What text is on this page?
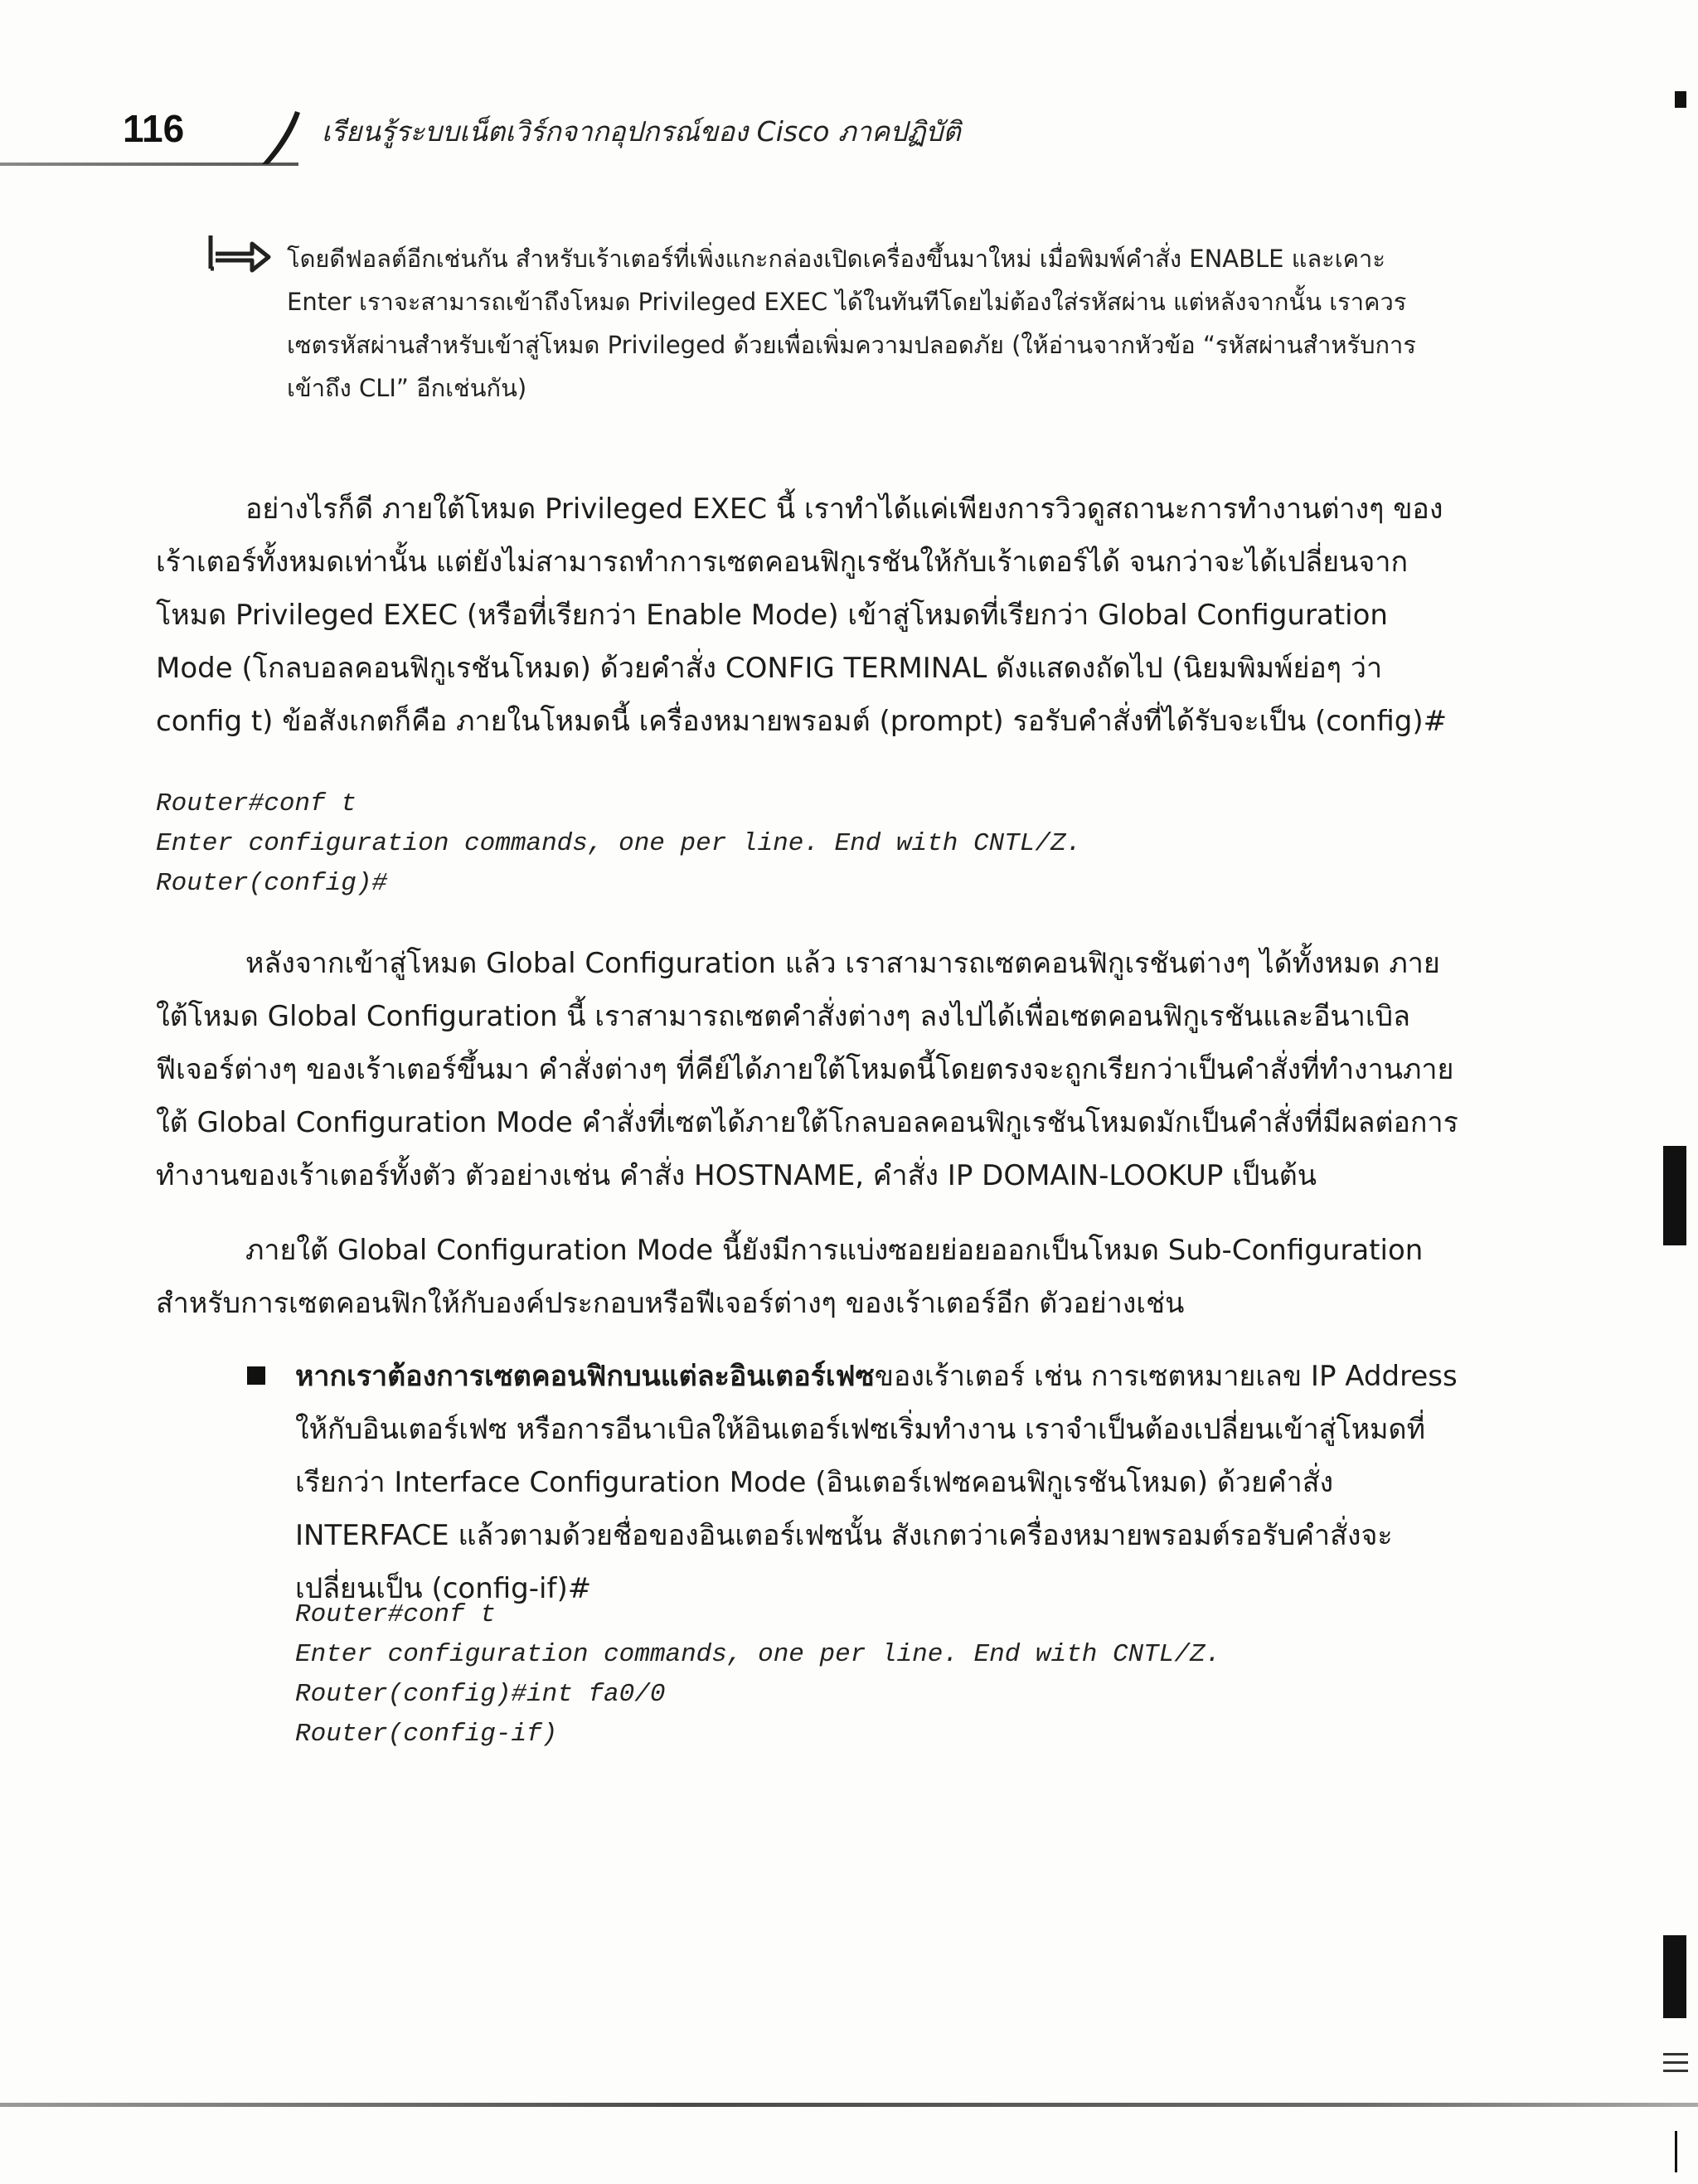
116	เรียนรู้ระบบเน็ตเวิร์กจากอุปกรณ์ของ Cisco ภาคปฏิบัติ

โดยดีฟอลต์อีกเช่นกัน สำหรับเร้าเตอร์ที่เพิ่งแกะกล่องเปิดเครื่องขึ้นมาใหม่ เมื่อพิมพ์คำสั่ง ENABLE และเคาะ

Enter เราจะสามารถเข้าถึงโหมด Privileged EXEC ได้ในทันทีโดยไม่ต้องใส่รหัสผ่าน แต่หลังจากนั้น เราควร

เซตรหัสผ่านสำหรับเข้าสู่โหมด Privileged ด้วยเพื่อเพิ่มความปลอดภัย (ให้อ่านจากหัวข้อ “รหัสผ่านสำหรับการ

เข้าถึง CLI” อีกเช่นกัน)

อย่างไรก็ดี ภายใต้โหมด Privileged EXEC นี้ เราทำได้แค่เพียงการวิวดูสถานะการทำงานต่างๆ ของเร้าเตอร์ทั้งหมดเท่านั้น แต่ยังไม่สามารถทำการเซตคอนฟิกูเรชันให้กับเร้าเตอร์ได้ จนกว่าจะได้เปลี่ยนจากโหมด Privileged EXEC (หรือที่เรียกว่า Enable Mode) เข้าสู่โหมดที่เรียกว่า Global Configuration Mode (โกลบอลคอนฟิกูเรชันโหมด) ด้วยคำสั่ง CONFIG TERMINAL ดังแสดงถัดไป (นิยมพิมพ์ย่อๆ ว่า config t) ข้อสังเกตก็คือ ภายในโหมดนี้ เครื่องหมายพรอมต์ (prompt) รอรับคำสั่งที่ได้รับจะเป็น (config)#

Router#conf t
Enter configuration commands, one per line. End with CNTL/Z.
Router(config)#

หลังจากเข้าสู่โหมด Global Configuration แล้ว เราสามารถเซตคอนฟิกูเรชันต่างๆ ได้ทั้งหมด ภายใต้โหมด Global Configuration นี้ เราสามารถเซตคำสั่งต่างๆ ลงไปได้เพื่อเซตคอนฟิกูเรชันและอีนาเบิลฟีเจอร์ต่างๆ ของเร้าเตอร์ขึ้นมา คำสั่งต่างๆ ที่คีย์ได้ภายใต้โหมดนี้โดยตรงจะถูกเรียกว่าเป็นคำสั่งที่ทำงานภายใต้ Global Configuration Mode คำสั่งที่เซตได้ภายใต้โกลบอลคอนฟิกูเรชันโหมดมักเป็นคำสั่งที่มีผลต่อการทำงานของเร้าเตอร์ทั้งตัว ตัวอย่างเช่น คำสั่ง HOSTNAME, คำสั่ง IP DOMAIN-LOOKUP เป็นต้น

ภายใต้ Global Configuration Mode นี้ยังมีการแบ่งซอยย่อยออกเป็นโหมด Sub-Configuration สำหรับการเซตคอนฟิกให้กับองค์ประกอบหรือฟีเจอร์ต่างๆ ของเร้าเตอร์อีก ตัวอย่างเช่น

หากเราต้องการเซตคอนฟิกบนแต่ละอินเตอร์เฟซของเร้าเตอร์ เช่น การเซตหมายเลข IP Address ให้กับอินเตอร์เฟซ หรือการอีนาเบิลให้อินเตอร์เฟซเริ่มทำงาน เราจำเป็นต้องเปลี่ยนเข้าสู่โหมดที่เรียกว่า Interface Configuration Mode (อินเตอร์เฟซคอนฟิกูเรชันโหมด) ด้วยคำสั่ง INTERFACE แล้วตามด้วยชื่อของอินเตอร์เฟซนั้น สังเกตว่าเครื่องหมายพรอมต์รอรับคำสั่งจะเปลี่ยนเป็น (config-if)#

Router#conf t
Enter configuration commands, one per line. End with CNTL/Z.
Router(config)#int fa0/0
Router(config-if)
